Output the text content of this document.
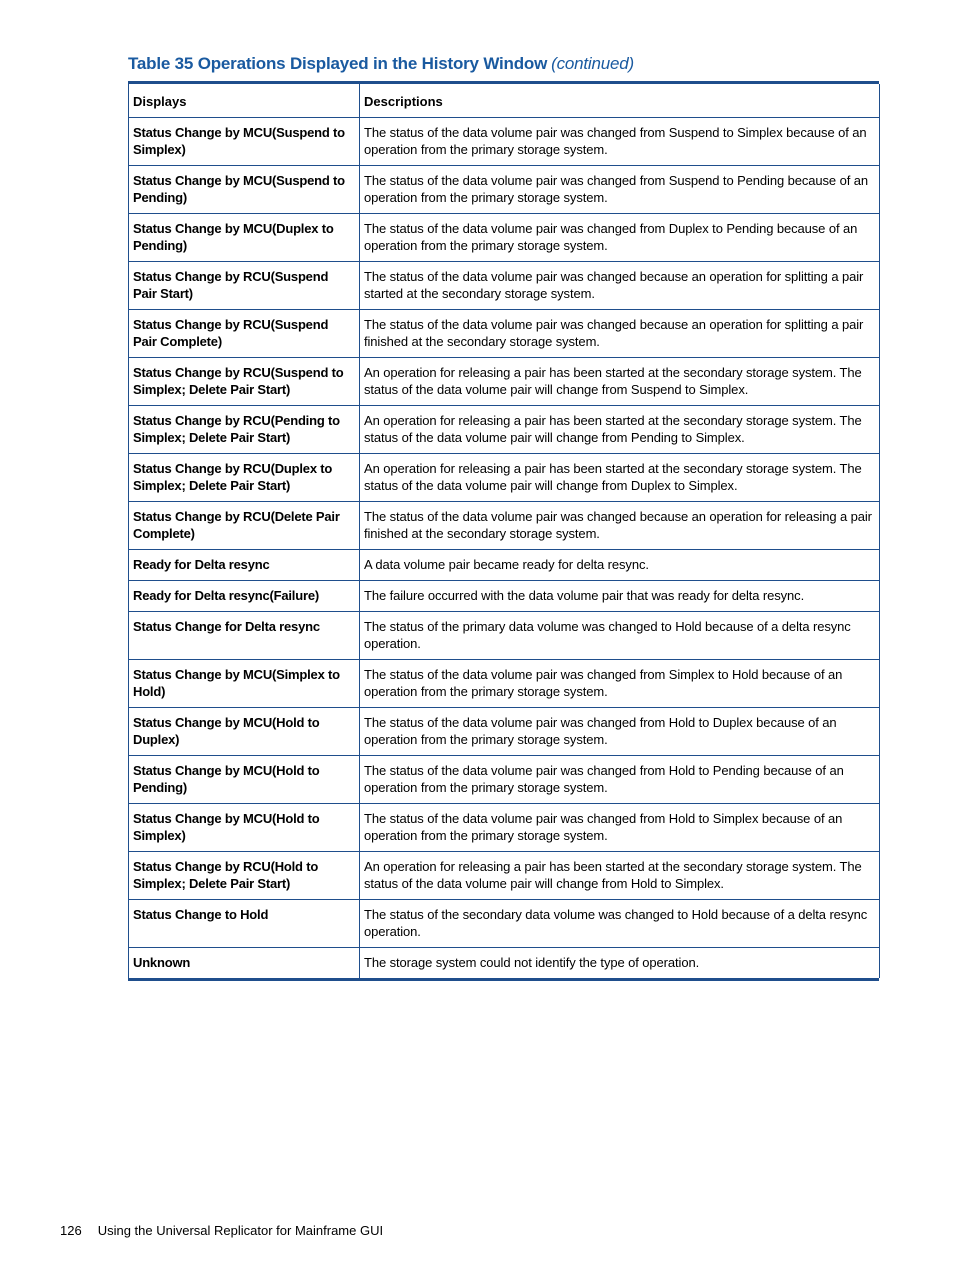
Table 35 Operations Displayed in the History Window (continued)
Displays	Descriptions
Status Change by MCU(Suspend to Simplex)	The status of the data volume pair was changed from Suspend to Simplex because of an operation from the primary storage system.
Status Change by MCU(Suspend to Pending)	The status of the data volume pair was changed from Suspend to Pending because of an operation from the primary storage system.
Status Change by MCU(Duplex to Pending)	The status of the data volume pair was changed from Duplex to Pending because of an operation from the primary storage system.
Status Change by RCU(Suspend Pair Start)	The status of the data volume pair was changed because an operation for splitting a pair started at the secondary storage system.
Status Change by RCU(Suspend Pair Complete)	The status of the data volume pair was changed because an operation for splitting a pair finished at the secondary storage system.
Status Change by RCU(Suspend to Simplex; Delete Pair Start)	An operation for releasing a pair has been started at the secondary storage system. The status of the data volume pair will change from Suspend to Simplex.
Status Change by RCU(Pending to Simplex; Delete Pair Start)	An operation for releasing a pair has been started at the secondary storage system. The status of the data volume pair will change from Pending to Simplex.
Status Change by RCU(Duplex to Simplex; Delete Pair Start)	An operation for releasing a pair has been started at the secondary storage system. The status of the data volume pair will change from Duplex to Simplex.
Status Change by RCU(Delete Pair Complete)	The status of the data volume pair was changed because an operation for releasing a pair finished at the secondary storage system.
Ready for Delta resync	A data volume pair became ready for delta resync.
Ready for Delta resync(Failure)	The failure occurred with the data volume pair that was ready for delta resync.
Status Change for Delta resync	The status of the primary data volume was changed to Hold because of a delta resync operation.
Status Change by MCU(Simplex to Hold)	The status of the data volume pair was changed from Simplex to Hold because of an operation from the primary storage system.
Status Change by MCU(Hold to Duplex)	The status of the data volume pair was changed from Hold to Duplex because of an operation from the primary storage system.
Status Change by MCU(Hold to Pending)	The status of the data volume pair was changed from Hold to Pending because of an operation from the primary storage system.
Status Change by MCU(Hold to Simplex)	The status of the data volume pair was changed from Hold to Simplex because of an operation from the primary storage system.
Status Change by RCU(Hold to Simplex; Delete Pair Start)	An operation for releasing a pair has been started at the secondary storage system. The status of the data volume pair will change from Hold to Simplex.
Status Change to Hold	The status of the secondary data volume was changed to Hold because of a delta resync operation.
Unknown	The storage system could not identify the type of operation.
126 Using the Universal Replicator for Mainframe GUI
